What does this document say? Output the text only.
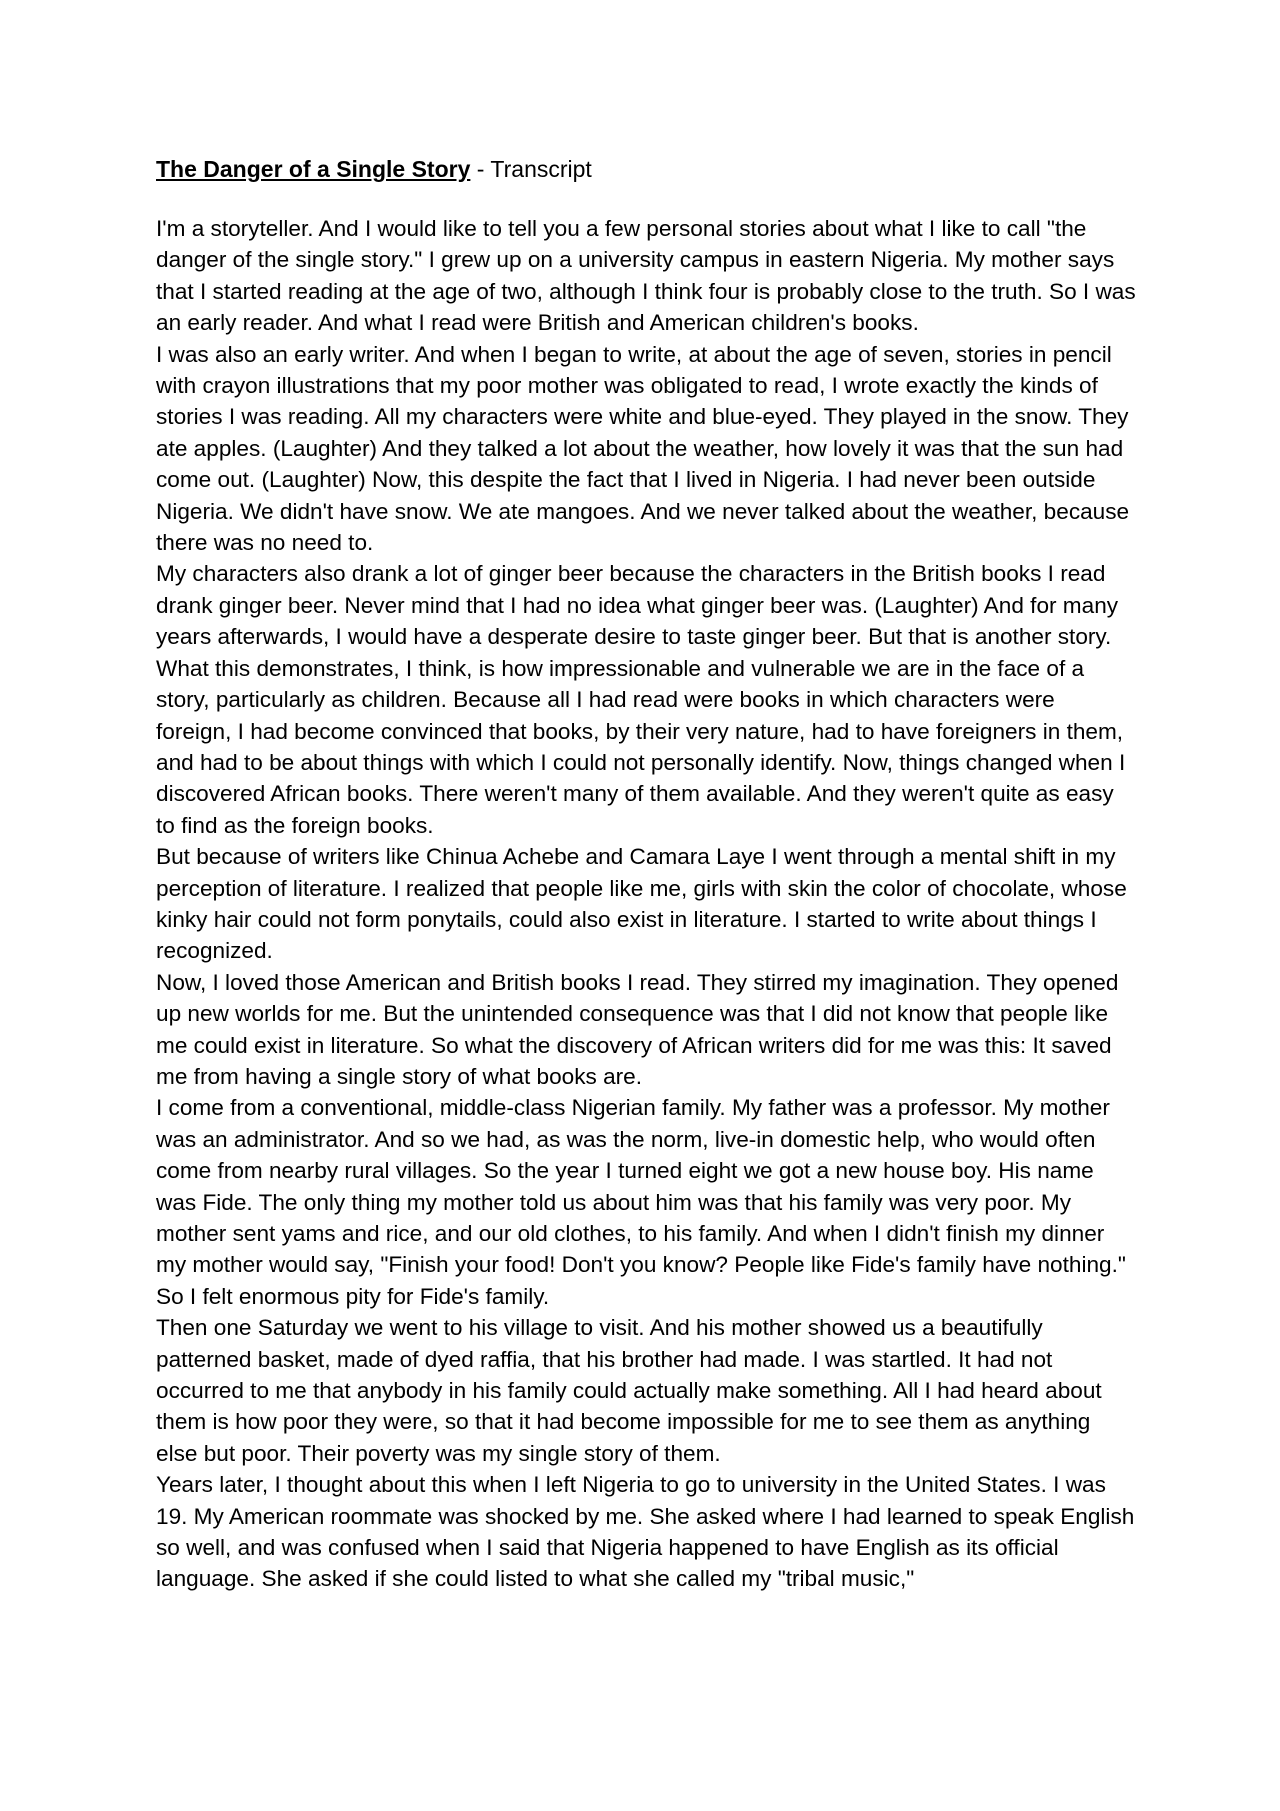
The Danger of a Single Story - Transcript

I'm a storyteller. And I would like to tell you a few personal stories about what I like to call "the danger of the single story." I grew up on a university campus in eastern Nigeria. My mother says that I started reading at the age of two, although I think four is probably close to the truth. So I was an early reader. And what I read were British and American children's books.

I was also an early writer. And when I began to write, at about the age of seven, stories in pencil with crayon illustrations that my poor mother was obligated to read, I wrote exactly the kinds of stories I was reading. All my characters were white and blue-eyed. They played in the snow. They ate apples. (Laughter) And they talked a lot about the weather, how lovely it was that the sun had come out. (Laughter) Now, this despite the fact that I lived in Nigeria. I had never been outside Nigeria. We didn't have snow. We ate mangoes. And we never talked about the weather, because there was no need to.

My characters also drank a lot of ginger beer because the characters in the British books I read drank ginger beer. Never mind that I had no idea what ginger beer was. (Laughter) And for many years afterwards, I would have a desperate desire to taste ginger beer. But that is another story.

What this demonstrates, I think, is how impressionable and vulnerable we are in the face of a story, particularly as children. Because all I had read were books in which characters were foreign, I had become convinced that books, by their very nature, had to have foreigners in them, and had to be about things with which I could not personally identify. Now, things changed when I discovered African books. There weren't many of them available. And they weren't quite as easy to find as the foreign books.

But because of writers like Chinua Achebe and Camara Laye I went through a mental shift in my perception of literature. I realized that people like me, girls with skin the color of chocolate, whose kinky hair could not form ponytails, could also exist in literature. I started to write about things I recognized.

Now, I loved those American and British books I read. They stirred my imagination. They opened up new worlds for me. But the unintended consequence was that I did not know that people like me could exist in literature. So what the discovery of African writers did for me was this: It saved me from having a single story of what books are.

I come from a conventional, middle-class Nigerian family. My father was a professor. My mother was an administrator. And so we had, as was the norm, live-in domestic help, who would often come from nearby rural villages. So the year I turned eight we got a new house boy. His name was Fide. The only thing my mother told us about him was that his family was very poor. My mother sent yams and rice, and our old clothes, to his family. And when I didn't finish my dinner my mother would say, "Finish your food! Don't you know? People like Fide's family have nothing." So I felt enormous pity for Fide's family.

Then one Saturday we went to his village to visit. And his mother showed us a beautifully patterned basket, made of dyed raffia, that his brother had made. I was startled. It had not occurred to me that anybody in his family could actually make something. All I had heard about them is how poor they were, so that it had become impossible for me to see them as anything else but poor. Their poverty was my single story of them.

Years later, I thought about this when I left Nigeria to go to university in the United States. I was 19. My American roommate was shocked by me. She asked where I had learned to speak English so well, and was confused when I said that Nigeria happened to have English as its official language. She asked if she could listed to what she called my "tribal music,"
